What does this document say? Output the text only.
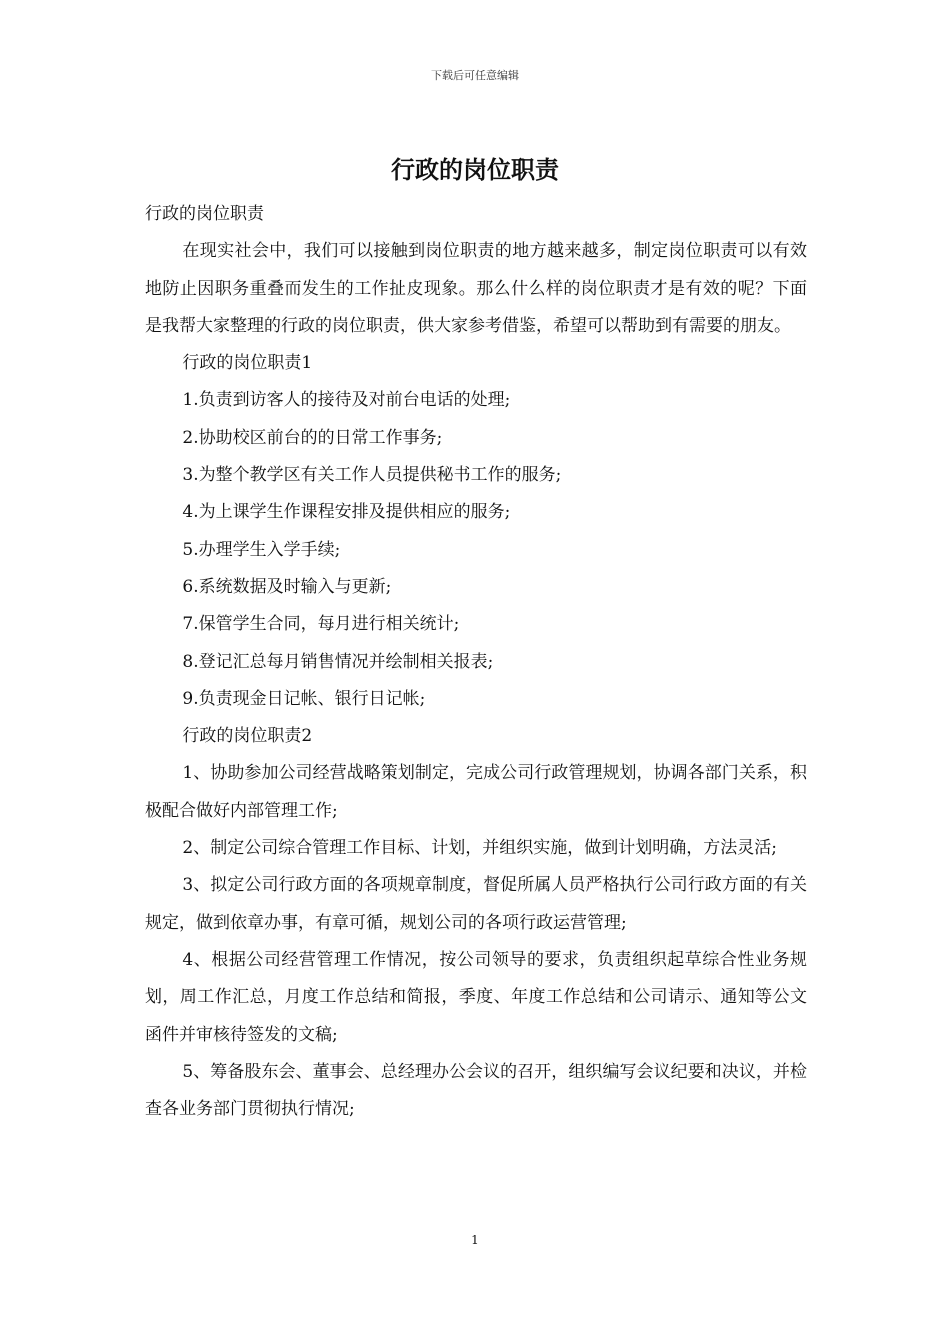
下载后可任意编辑
行政的岗位职责

行政的岗位职责

在现实社会中，我们可以接触到岗位职责的地方越来越多，制定岗位职责可以有效地防止因职务重叠而发生的工作扯皮现象。那么什么样的岗位职责才是有效的呢？下面是我帮大家整理的行政的岗位职责，供大家参考借鉴，希望可以帮助到有需要的朋友。

行政的岗位职责1

1.负责到访客人的接待及对前台电话的处理;

2.协助校区前台的的日常工作事务;

3.为整个教学区有关工作人员提供秘书工作的服务;

4.为上课学生作课程安排及提供相应的服务;

5.办理学生入学手续;

6.系统数据及时输入与更新;

7.保管学生合同，每月进行相关统计;

8.登记汇总每月销售情况并绘制相关报表;

9.负责现金日记帐、银行日记帐;

行政的岗位职责2

1、协助参加公司经营战略策划制定，完成公司行政管理规划，协调各部门关系，积极配合做好内部管理工作;

2、制定公司综合管理工作目标、计划，并组织实施，做到计划明确，方法灵活;

3、拟定公司行政方面的各项规章制度，督促所属人员严格执行公司行政方面的有关规定，做到依章办事，有章可循，规划公司的各项行政运营管理;

4、根据公司经营管理工作情况，按公司领导的要求，负责组织起草综合性业务规划，周工作汇总，月度工作总结和简报，季度、年度工作总结和公司请示、通知等公文函件并审核待签发的文稿;

5、筹备股东会、董事会、总经理办公会议的召开，组织编写会议纪要和决议，并检查各业务部门贯彻执行情况;

1
